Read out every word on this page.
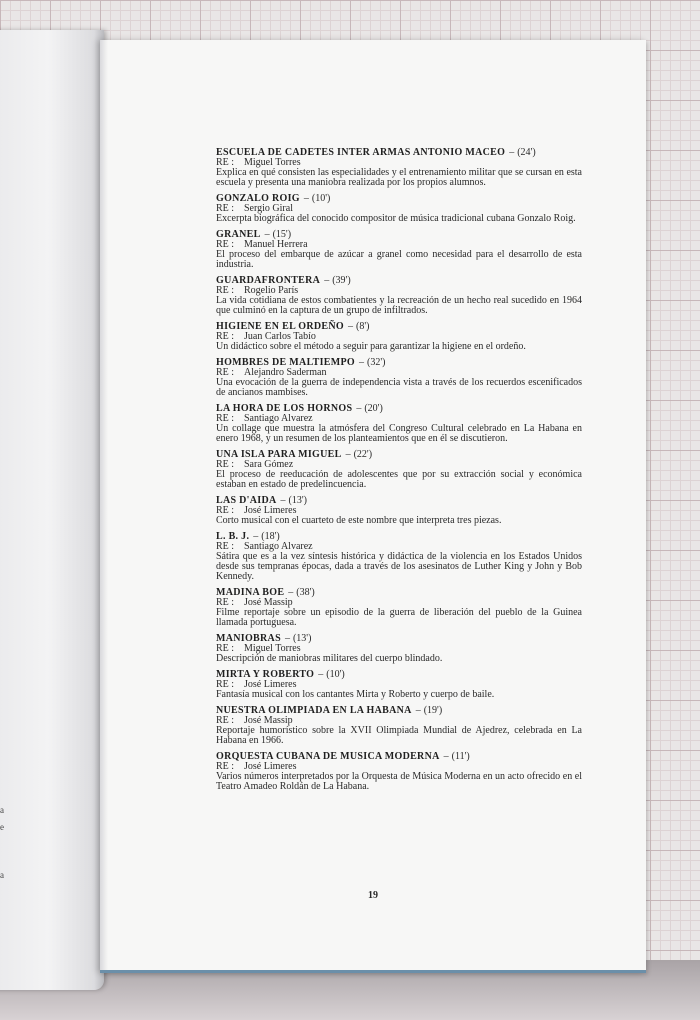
a
e
a
ESCUELA DE CADETES INTER ARMAS ANTONIO MACEO – (24')
RE : Miguel Torres

Explica en qué consisten las especialidades y el entrenamiento militar que se cursan en esta escuela y presenta una maniobra realizada por los propios alumnos.

GONZALO ROIG – (10')
RE : Sergio Giral

Excerpta biográfica del conocido compositor de música tradicional cubana Gonzalo Roig.

GRANEL – (15')
RE : Manuel Herrera

El proceso del embarque de azúcar a granel como necesidad para el desarrollo de esta industria.

GUARDAFRONTERA – (39')
RE : Rogelio París

La vida cotidiana de estos combatientes y la recreación de un hecho real sucedido en 1964 que culminó en la captura de un grupo de infiltrados.

HIGIENE EN EL ORDEÑO – (8')
RE : Juan Carlos Tabío

Un didáctico sobre el método a seguir para garantizar la higiene en el ordeño.

HOMBRES DE MALTIEMPO – (32')
RE : Alejandro Saderman

Una evocación de la guerra de independencia vista a través de los recuerdos escenificados de ancianos mambises.

LA HORA DE LOS HORNOS – (20')
RE : Santiago Alvarez

Un collage que muestra la atmósfera del Congreso Cultural celebrado en La Habana en enero 1968, y un resumen de los planteamientos que en él se discutieron.

UNA ISLA PARA MIGUEL – (22')
RE : Sara Gómez

El proceso de reeducación de adolescentes que por su extracción social y económica estaban en estado de predelincuencia.

LAS D'AIDA – (13')
RE : José Limeres

Corto musical con el cuarteto de este nombre que interpreta tres piezas.

L. B. J. – (18')
RE : Santiago Alvarez

Sátira que es a la vez síntesis histórica y didáctica de la violencia en los Estados Unidos desde sus tempranas épocas, dada a través de los asesinatos de Luther King y John y Bob Kennedy.

MADINA BOE – (38')
RE : José Massip

Filme reportaje sobre un episodio de la guerra de liberación del pueblo de la Guinea llamada portuguesa.

MANIOBRAS – (13')
RE : Miguel Torres

Descripción de maniobras militares del cuerpo blindado.

MIRTA Y ROBERTO – (10')
RE : José Limeres

Fantasía musical con los cantantes Mirta y Roberto y cuerpo de baile.

NUESTRA OLIMPIADA EN LA HABANA – (19')
RE : José Massip

Reportaje humorístico sobre la XVII Olimpiada Mundial de Ajedrez, celebrada en La Habana en 1966.

ORQUESTA CUBANA DE MUSICA MODERNA – (11')
RE : José Limeres

Varios números interpretados por la Orquesta de Música Moderna en un acto ofrecido en el Teatro Amadeo Roldán de La Habana.

19
